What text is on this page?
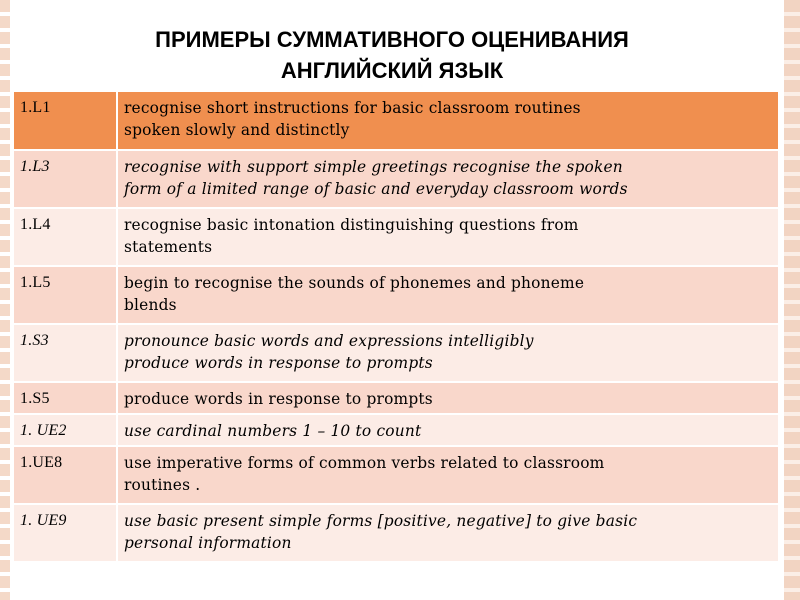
ПРИМЕРЫ СУММАТИВНОГО ОЦЕНИВАНИЯ
АНГЛИЙСКИЙ ЯЗЫК
1.L1	recognise short instructions for basic classroom routines
spoken slowly and distinctly

1.L3	recognise with support simple greetings recognise the spoken
form of a limited range of basic and everyday classroom words

1.L4	recognise basic intonation distinguishing questions from
statements

1.L5	begin to recognise the sounds of phonemes and phoneme
blends

1.S3	pronounce basic words and expressions intelligibly
produce words in response to prompts

1.S5	produce words in response to prompts

1. UE2	use cardinal numbers 1 – 10 to count

1.UE8	use imperative forms of common verbs related to classroom
routines .

1. UE9	use basic present simple forms [positive, negative] to give basic
personal information
